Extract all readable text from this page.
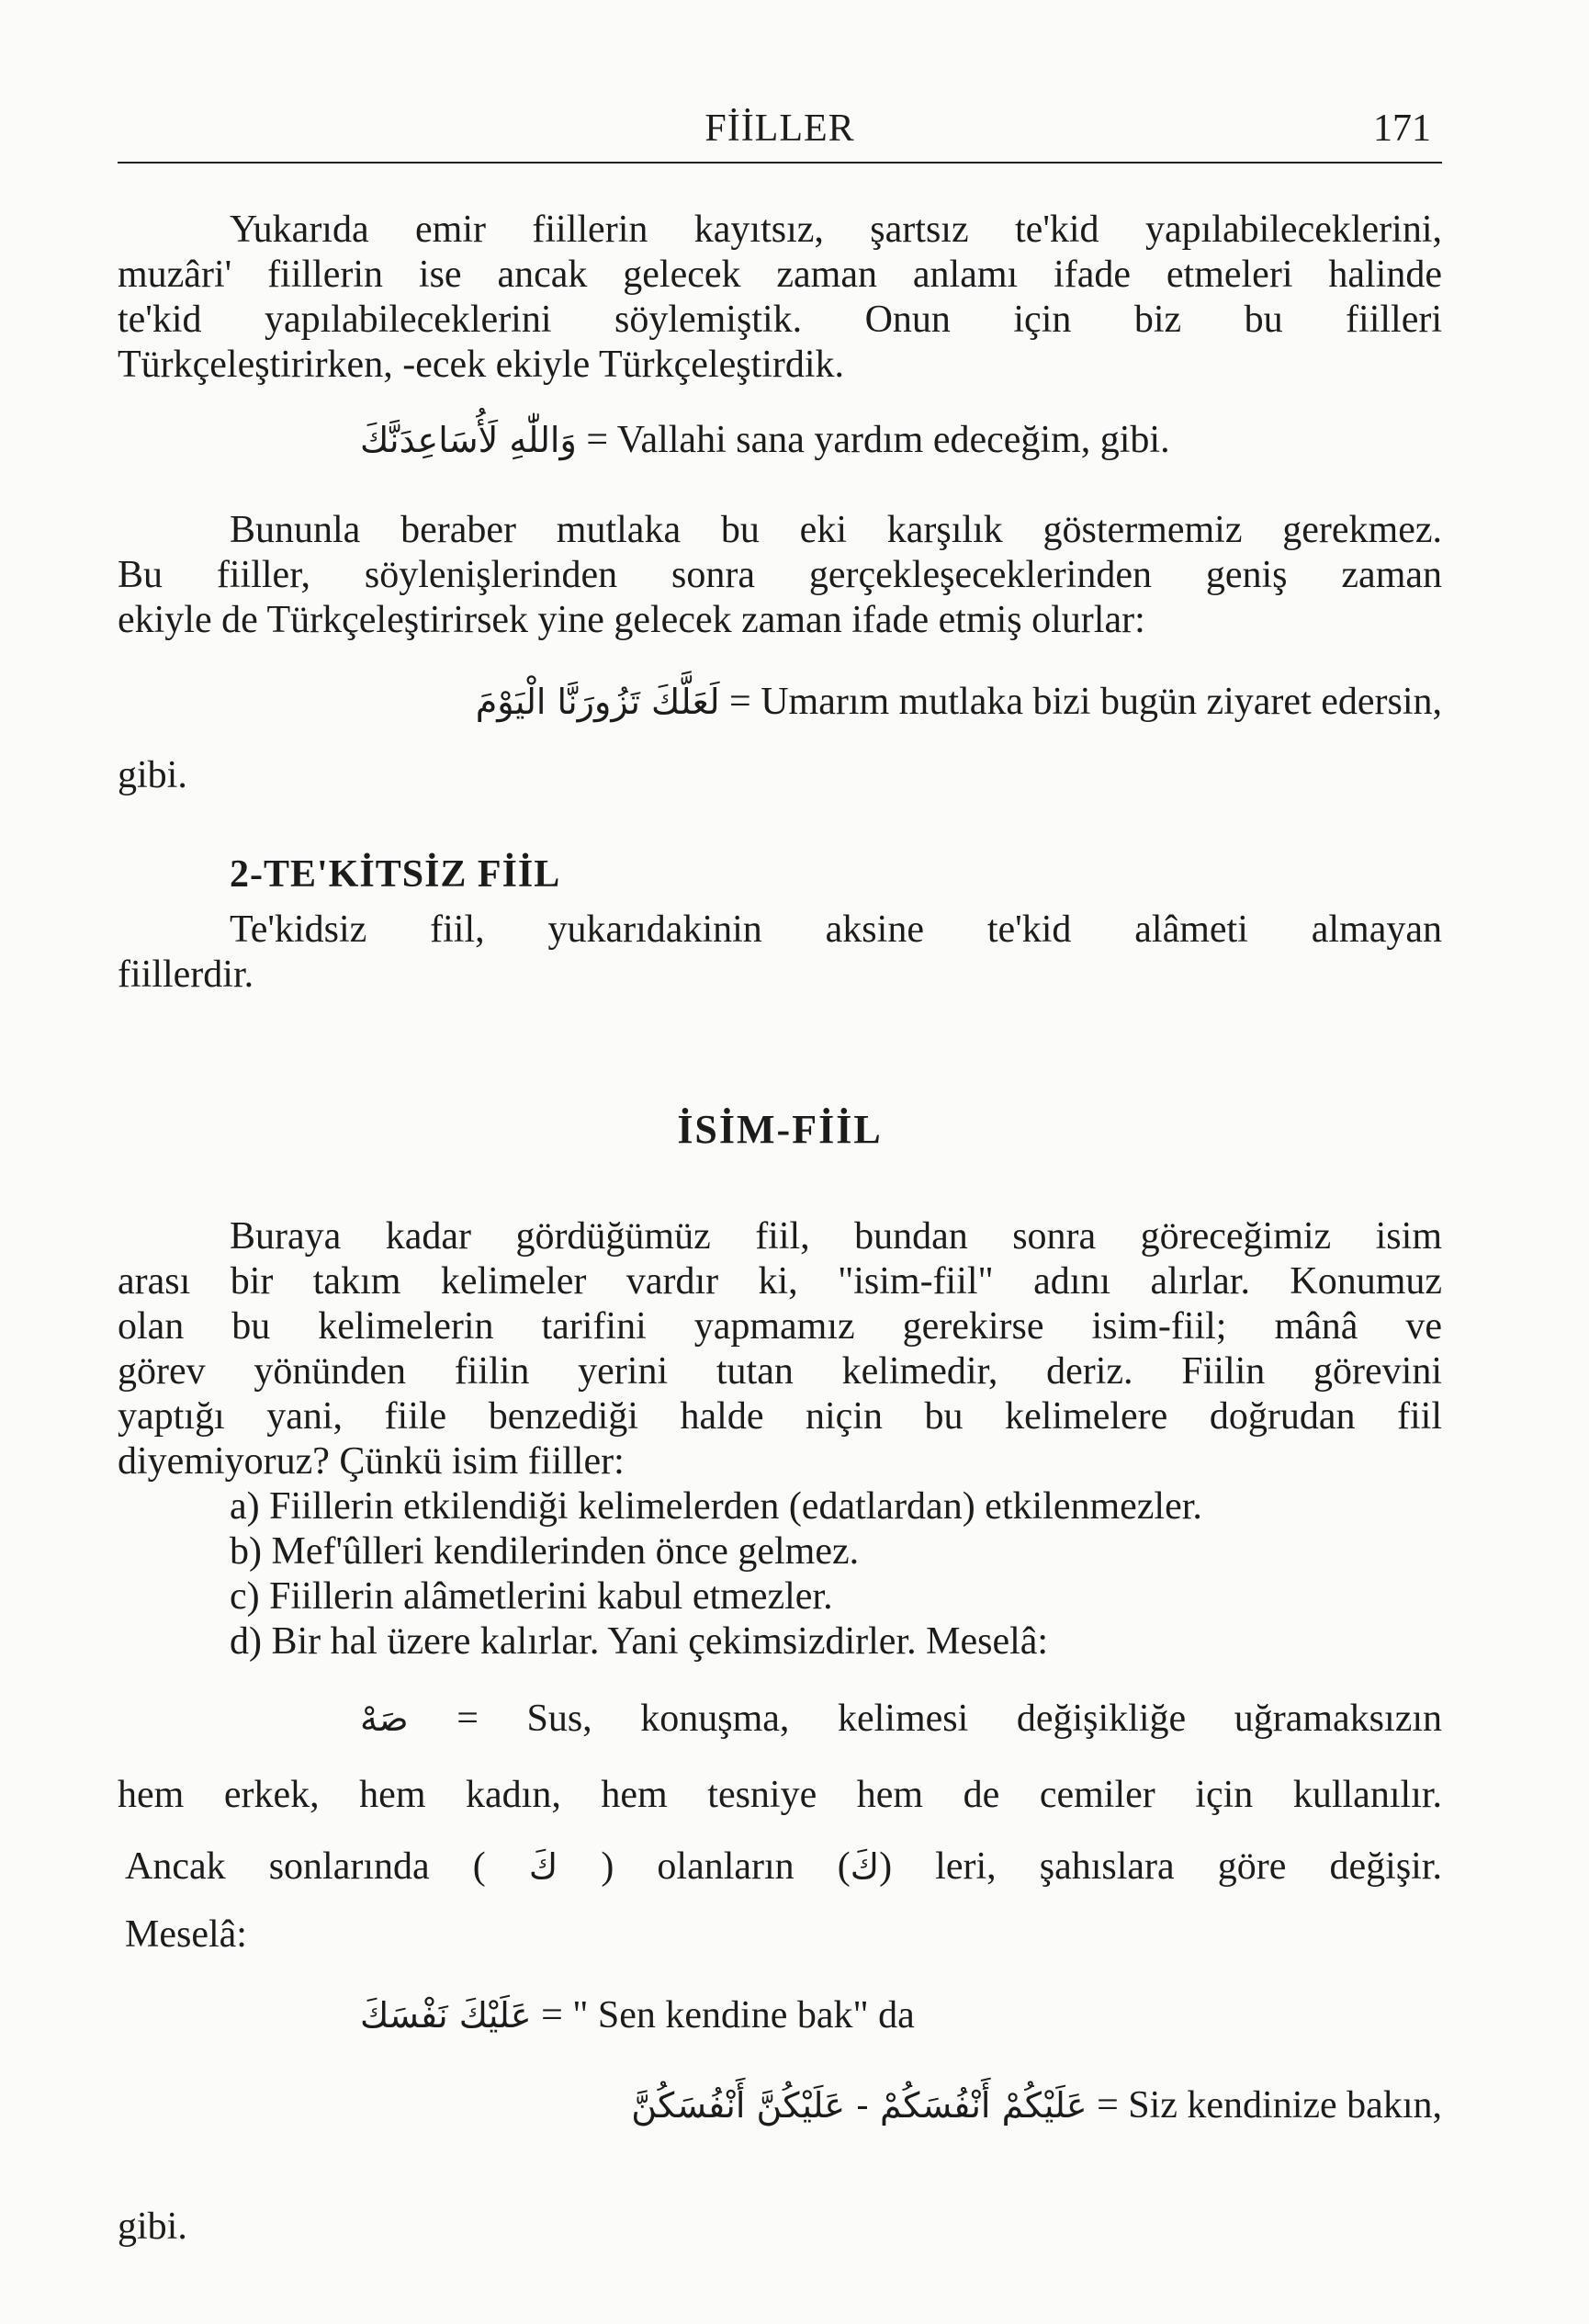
FİİLLER	171
Yukarıda emir fiillerin kayıtsız, şartsız te'kid yapılabileceklerini,
muzâri' fiillerin ise ancak gelecek zaman anlamı ifade etmeleri halinde
te'kid yapılabileceklerini söylemiştik. Onun için biz bu fiilleri
Türkçeleştirirken, -ecek ekiyle Türkçeleştirdik.
وَاللّٰهِ لَأُسَاعِدَنَّكَ = Vallahi sana yardım edeceğim, gibi.
Bununla beraber mutlaka bu eki karşılık göstermemiz gerekmez.
Bu fiiller, söylenişlerinden sonra gerçekleşeceklerinden geniş zaman
ekiyle de Türkçeleştirirsek yine gelecek zaman ifade etmiş olurlar:
لَعَلَّكَ تَزُورَنَّا الْيَوْمَ = Umarım mutlaka bizi bugün ziyaret edersin,
gibi.
2-TE'KİTSİZ FİİL
Te'kidsiz fiil, yukarıdakinin aksine te'kid alâmeti almayan
fiillerdir.
İSİM-FİİL
Buraya kadar gördüğümüz fiil, bundan sonra göreceğimiz isim
arası bir takım kelimeler vardır ki, "isim-fiil" adını alırlar. Konumuz
olan bu kelimelerin tarifini yapmamız gerekirse isim-fiil; mânâ ve
görev yönünden fiilin yerini tutan kelimedir, deriz. Fiilin görevini
yaptığı yani, fiile benzediği halde niçin bu kelimelere doğrudan fiil
diyemiyoruz? Çünkü isim fiiller:
a) Fiillerin etkilendiği kelimelerden (edatlardan) etkilenmezler.
b) Mef'ûlleri kendilerinden önce gelmez.
c) Fiillerin alâmetlerini kabul etmezler.
d) Bir hal üzere kalırlar. Yani çekimsizdirler. Meselâ:
صَهْ = Sus, konuşma, kelimesi değişikliğe uğramaksızın
hem erkek, hem kadın, hem tesniye hem de cemiler için kullanılır.
Ancak sonlarında ( كَ ) olanların (كَ) leri, şahıslara göre değişir.
Meselâ:
عَلَيْكَ نَفْسَكَ = " Sen kendine bak" da
عَلَيْكُمْ أَنْفُسَكُمْ - عَلَيْكُنَّ أَنْفُسَكُنَّ = Siz kendinize bakın,
gibi.
